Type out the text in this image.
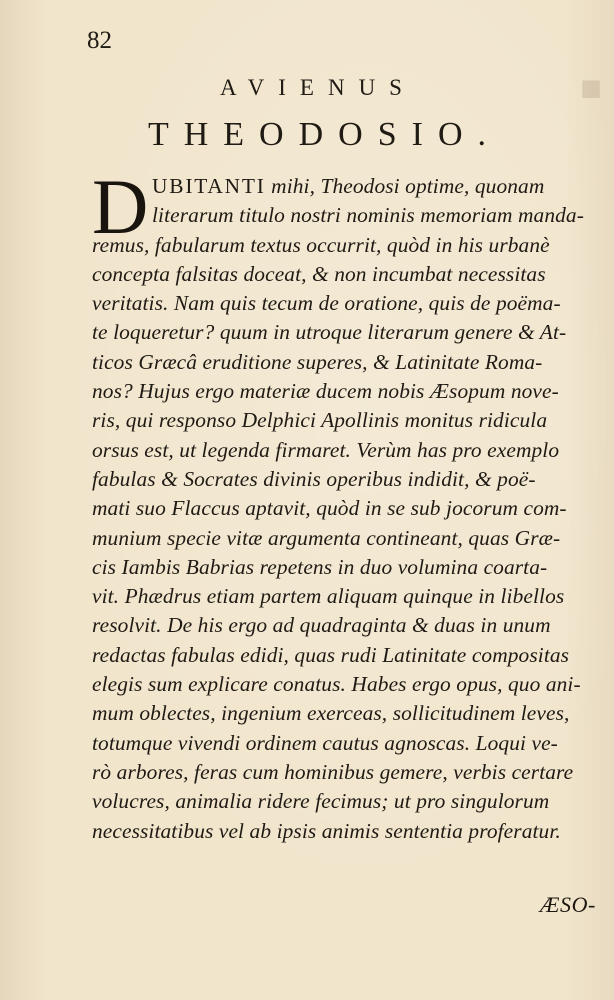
■
82
AVIENUS
THEODOSIO.
D UBITANTI mihi, Theodosi optime, quonam
literarum titulo nostri nominis memoriam manda-
remus, fabularum textus occurrit, quòd in his urbanè
concepta falsitas doceat, & non incumbat necessitas
veritatis. Nam quis tecum de oratione, quis de poëma-
te loqueretur? quum in utroque literarum genere & At-
ticos Græcâ eruditione superes, & Latinitate Roma-
nos? Hujus ergo materiæ ducem nobis Æsopum nove-
ris, qui responso Delphici Apollinis monitus ridicula
orsus est, ut legenda firmaret. Verùm has pro exemplo
fabulas & Socrates divinis operibus indidit, & poë-
mati suo Flaccus aptavit, quòd in se sub jocorum com-
munium specie vitæ argumenta contineant, quas Græ-
cis Iambis Babrias repetens in duo volumina coarta-
vit. Phædrus etiam partem aliquam quinque in libellos
resolvit. De his ergo ad quadraginta & duas in unum
redactas fabulas edidi, quas rudi Latinitate compositas
elegis sum explicare conatus. Habes ergo opus, quo ani-
mum oblectes, ingenium exerceas, sollicitudinem leves,
totumque vivendi ordinem cautus agnoscas. Loqui ve-
rò arbores, feras cum hominibus gemere, verbis certare
volucres, animalia ridere fecimus; ut pro singulorum
necessitatibus vel ab ipsis animis sententia proferatur.
ÆSO-
